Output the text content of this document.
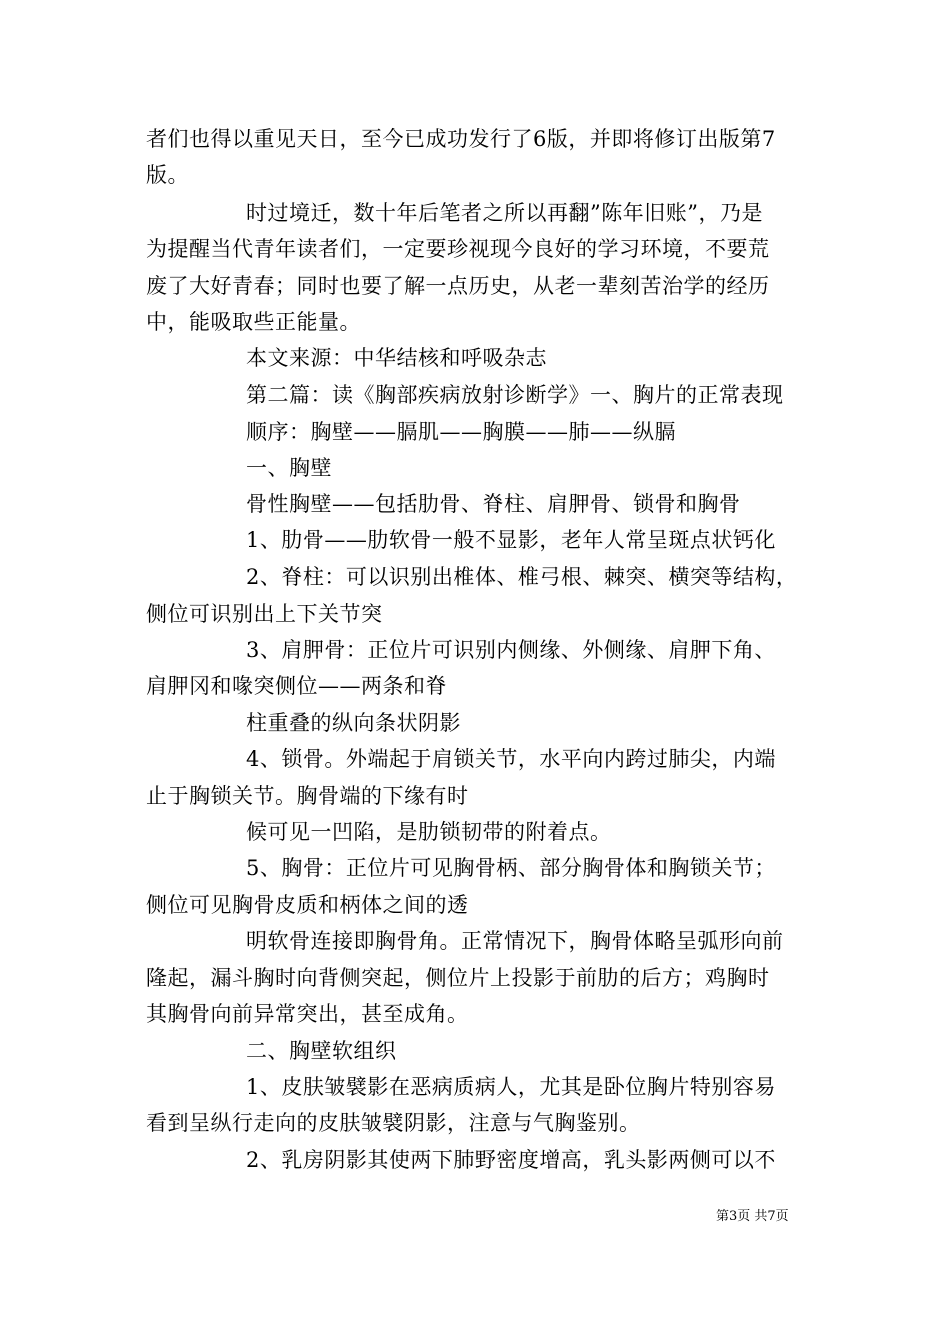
者们也得以重见天日，至今已成功发行了6版，并即将修订出版第7
版。
时过境迁，数十年后笔者之所以再翻”陈年旧账”，乃是
为提醒当代青年读者们，一定要珍视现今良好的学习环境，不要荒
废了大好青春；同时也要了解一点历史，从老一辈刻苦治学的经历
中，能吸取些正能量。
本文来源：中华结核和呼吸杂志
第二篇：读《胸部疾病放射诊断学》一、胸片的正常表现
顺序：胸壁——膈肌——胸膜——肺——纵膈
一、胸壁
骨性胸壁——包括肋骨、脊柱、肩胛骨、锁骨和胸骨
1、肋骨——肋软骨一般不显影，老年人常呈斑点状钙化
2、脊柱：可以识别出椎体、椎弓根、棘突、横突等结构，
侧位可识别出上下关节突
3、肩胛骨：正位片可识别内侧缘、外侧缘、肩胛下角、
肩胛冈和喙突侧位——两条和脊
柱重叠的纵向条状阴影
4、锁骨。外端起于肩锁关节，水平向内跨过肺尖，内端
止于胸锁关节。胸骨端的下缘有时
候可见一凹陷，是肋锁韧带的附着点。
5、胸骨：正位片可见胸骨柄、部分胸骨体和胸锁关节；
侧位可见胸骨皮质和柄体之间的透
明软骨连接即胸骨角。正常情况下，胸骨体略呈弧形向前
隆起，漏斗胸时向背侧突起，侧位片上投影于前肋的后方；鸡胸时
其胸骨向前异常突出，甚至成角。
二、胸壁软组织
1、皮肤皱襞影在恶病质病人，尤其是卧位胸片特别容易
看到呈纵行走向的皮肤皱襞阴影，注意与气胸鉴别。
2、乳房阴影其使两下肺野密度增高，乳头影两侧可以不
第3页 共7页
